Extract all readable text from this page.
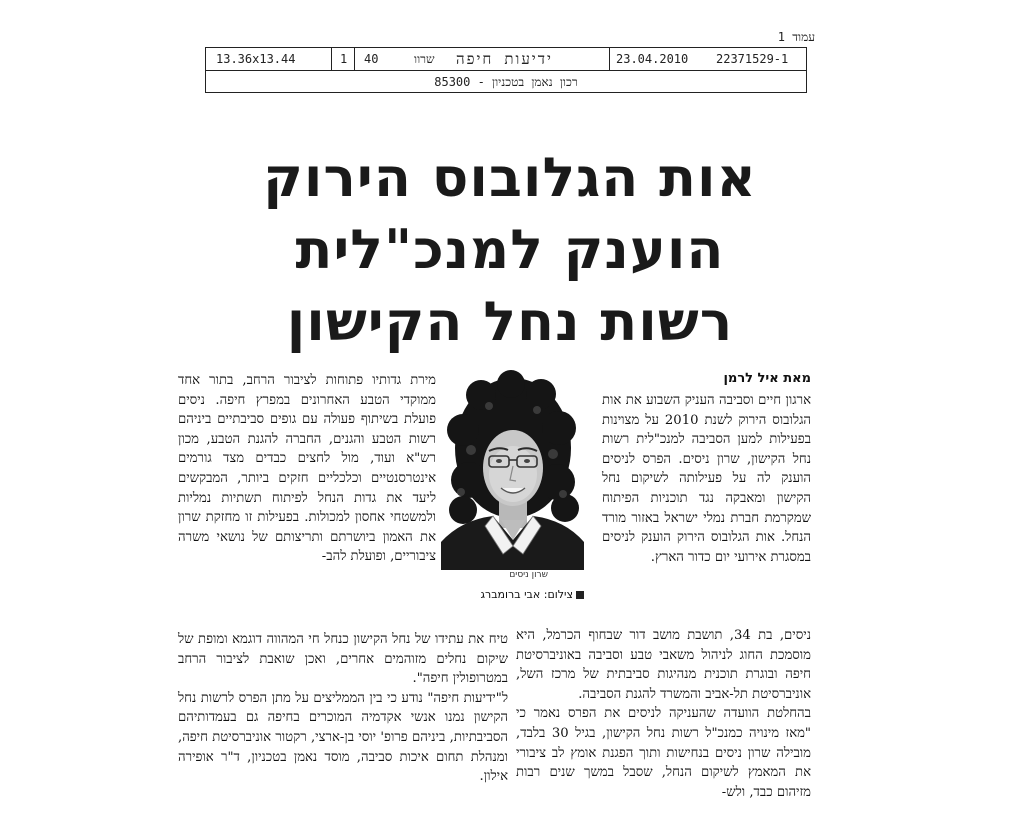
עמוד 1
13.36x13.44	1 40	שרוו ידיעות חיפה	23.04.2010 22371529-1
רכון נאמן בטכניון - 85300
אות הגלובוס הירוק
הוענק למנכ"לית
רשות נחל הקישון
מאת איל לרמן

ארגון חיים וסביבה העניק השבוע את אות הגלובוס הירוק לשנת 2010 על מצוינות בפעילות למען הסביבה למנכ"לית רשות נחל הקישון, שרון ניסים. הפרס לניסים הוענק לה על פעילותה לשיקום נחל הקישון ומאבקה נגד תוכניות הפיתוח שמקרמת חברת נמלי ישראל באזור מורד הנחל. אות הגלובוס הירוק הוענק לניסים במסגרת אירועי יום כדור הארץ.

ניסים, בת 34, תושבת מושב דור שבחוף הכרמל, היא מוסמכת החוג לניהול משאבי טבע וסביבה באוניברסיטת חיפה ובוגרת תוכנית מנהיגות סביבתית של מרכז השל, אוניברסיטת תל-אביב והמשרד להגנת הסביבה.

בהחלטת הוועדה שהעניקה לניסים את הפרס נאמר כי "מאז מינויה כמנכ"ל רשות נחל הקישון, בגיל 30 בלבד, מובילה שרון ניסים בנחישות ותוך הפגנת אומץ לב ציבורי את המאמץ לשיקום הנחל, שסבל במשך שנים רבות מזיהום כבד, ולש-

מירת גדותיו פתוחות לציבור הרחב, בתור אחד ממוקדי הטבע האחרונים במפרץ חיפה. ניסים פועלת בשיתוף פעולה עם גופים סביבתיים ביניהם רשות הטבע והגנים, החברה להגנת הטבע, מכון רש"א ועוד, מול לחצים כבדים מצד גורמים אינטרסנטיים וכלכליים חזקים ביותר, המבקשים ליעד את גדות הנחל לפיתוח תשתיות נמליות ולמשטחי אחסון למכולות. בפעילות זו מחזקת שרון את האמון ביושרתם ותריצותם של נושאי משרה ציבוריים, ופועלת להב-

טיח את עתידו של נחל הקישון כנחל חי המהווה דוגמא ומופת של שיקום נחלים מזוהמים אחרים, ואכן שואבת לציבור הרחב במטרופולין חיפה".

ל"ידיעות חיפה" נודע כי בין הממליצים על מתן הפרס לרשות נחל הקישון נמנו אנשי אקדמיה המוכרים בחיפה גם בעמדותיהם הסביבתיות, ביניהם פרופ' יוסי בן-ארצי, רקטור אוניברסיטת חיפה, ומנהלת תחום איכות סביבה, מוסד נאמן בטכניון, ד"ר אופירה אילון.

שרון ניסים
צילום: אבי ברומברג
